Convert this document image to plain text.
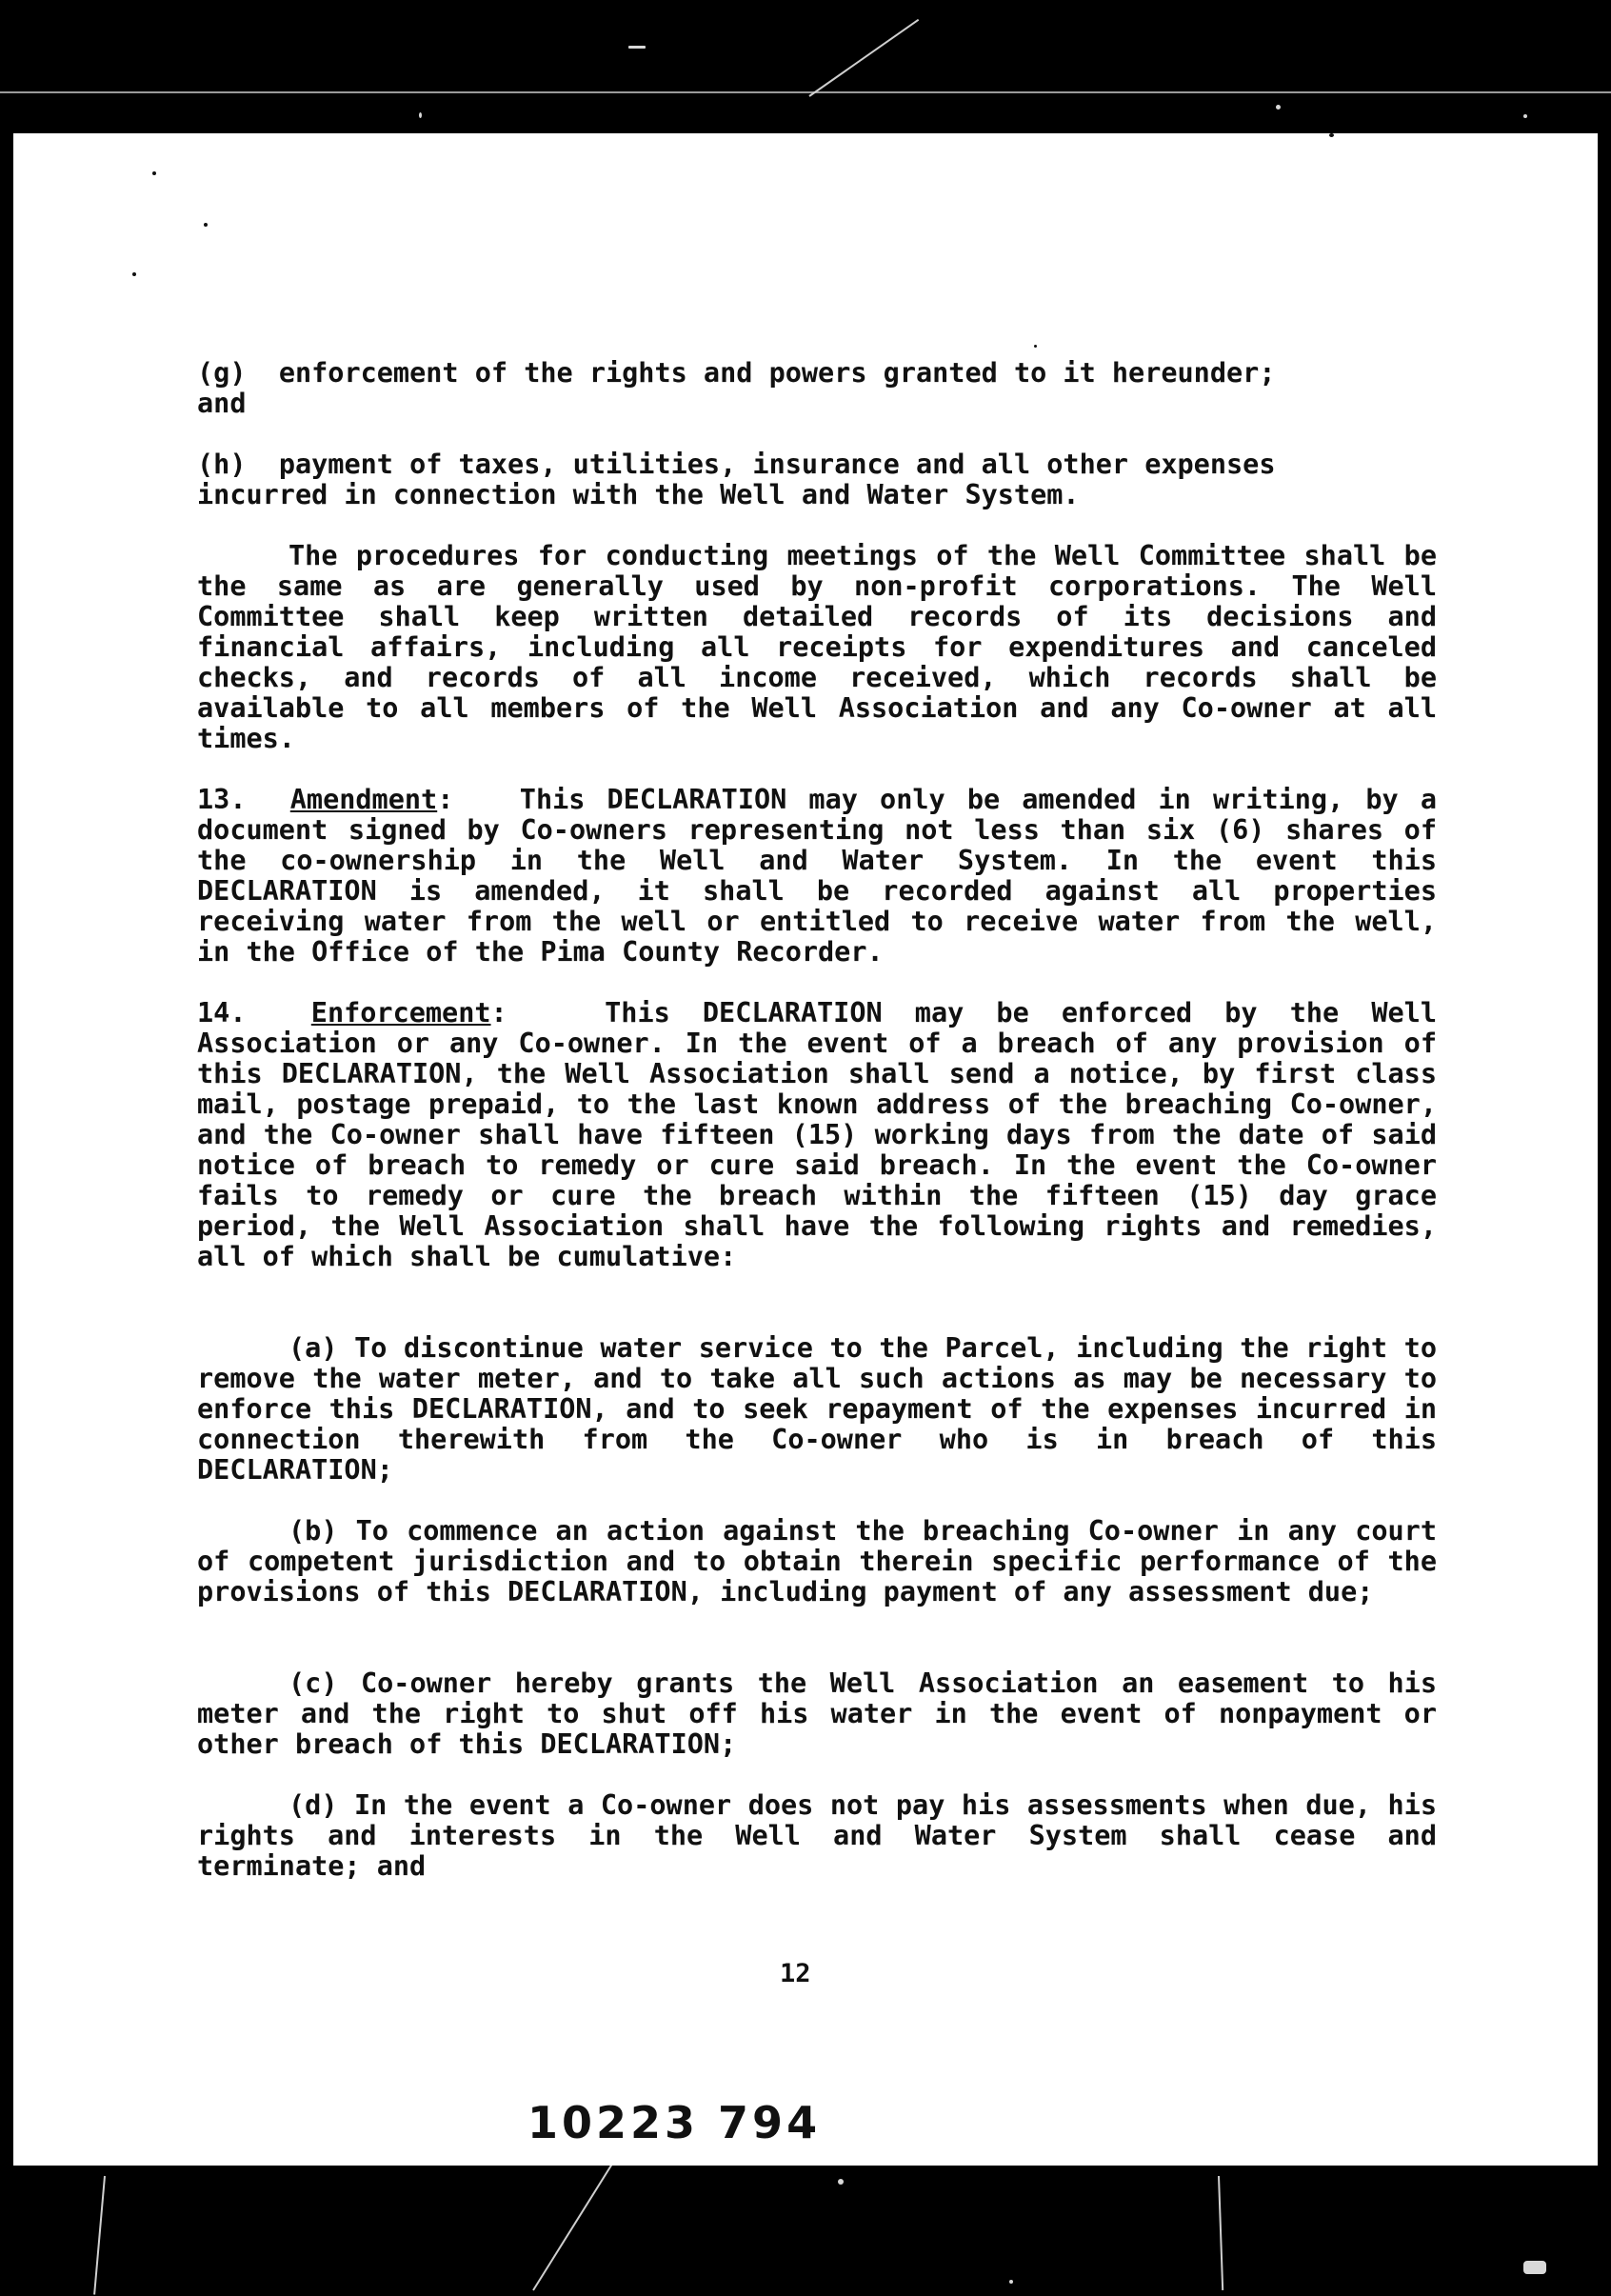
(g) enforcement of the rights and powers granted to it hereunder;
and

(h) payment of taxes, utilities, insurance and all other expenses
incurred in connection with the Well and Water System.

The procedures for conducting meetings of the Well Committee shall be the same as are generally used by non-profit corporations. The Well Committee shall keep written detailed records of its decisions and financial affairs, including all receipts for expenditures and canceled checks, and records of all income received, which records shall be available to all members of the Well Association and any Co-owner at all times.

13. Amendment:   This DECLARATION may only be amended in writing, by a document signed by Co-owners representing not less than six (6) shares of the co-ownership in the Well and Water System. In the event this DECLARATION is amended, it shall be recorded against all properties receiving water from the well or entitled to receive water from the well, in the Office of the Pima County Recorder.

14. Enforcement:   This DECLARATION may be enforced by the Well Association or any Co-owner. In the event of a breach of any provision of this DECLARATION, the Well Association shall send a notice, by first class mail, postage prepaid, to the last known address of the breaching Co-owner, and the Co-owner shall have fifteen (15) working days from the date of said notice of breach to remedy or cure said breach. In the event the Co-owner fails to remedy or cure the breach within the fifteen (15) day grace period, the Well Association shall have the following rights and remedies, all of which shall be cumulative:

(a) To discontinue water service to the Parcel, including the right to remove the water meter, and to take all such actions as may be necessary to enforce this DECLARATION, and to seek repayment of the expenses incurred in connection therewith from the Co-owner who is in breach of this DECLARATION;

(b) To commence an action against the breaching Co-owner in any court of competent jurisdiction and to obtain therein specific performance of the provisions of this DECLARATION, including payment of any assessment due;

(c) Co-owner hereby grants the Well Association an easement to his meter and the right to shut off his water in the event of nonpayment or other breach of this DECLARATION;

(d) In the event a Co-owner does not pay his assessments when due, his rights and interests in the Well and Water System shall cease and terminate; and

12
10223 794
